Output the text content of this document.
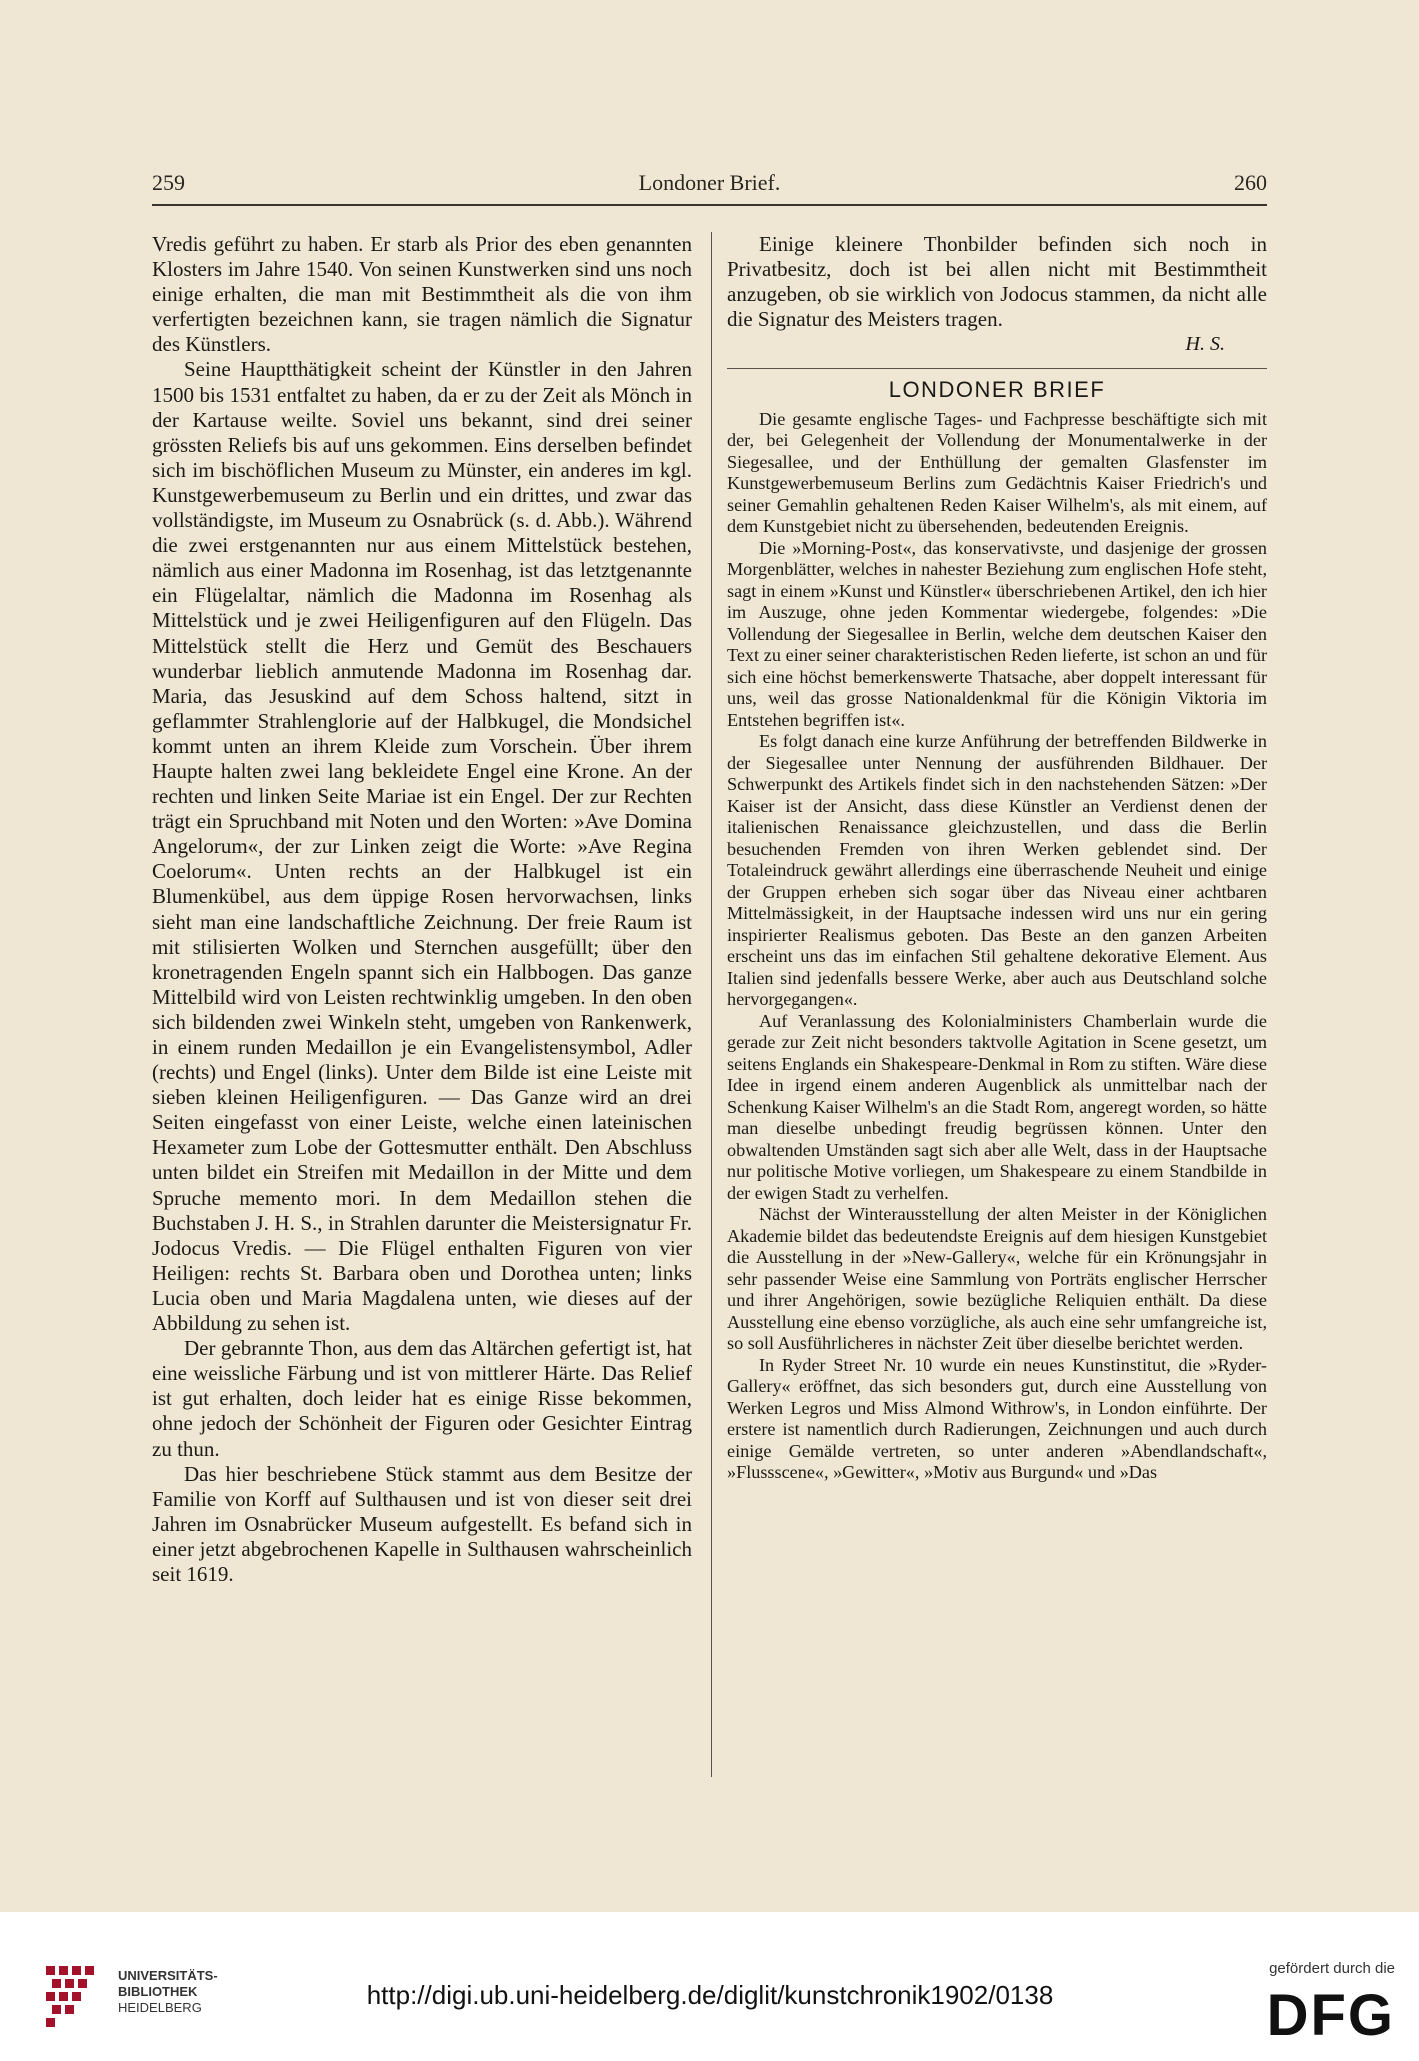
259	Londoner Brief.	260

Vredis geführt zu haben. Er starb als Prior des eben genannten Klosters im Jahre 1540. Von seinen Kunstwerken sind uns noch einige erhalten, die man mit Bestimmtheit als die von ihm verfertigten bezeichnen kann, sie tragen nämlich die Signatur des Künstlers.

Seine Hauptthätigkeit scheint der Künstler in den Jahren 1500 bis 1531 entfaltet zu haben, da er zu der Zeit als Mönch in der Kartause weilte. Soviel uns bekannt, sind drei seiner grössten Reliefs bis auf uns gekommen. Eins derselben befindet sich im bischöflichen Museum zu Münster, ein anderes im kgl. Kunstgewerbemuseum zu Berlin und ein drittes, und zwar das vollständigste, im Museum zu Osnabrück (s. d. Abb.). Während die zwei erstgenannten nur aus einem Mittelstück bestehen, nämlich aus einer Madonna im Rosenhag, ist das letztgenannte ein Flügelaltar, nämlich die Madonna im Rosenhag als Mittelstück und je zwei Heiligenfiguren auf den Flügeln. Das Mittelstück stellt die Herz und Gemüt des Beschauers wunderbar lieblich anmutende Madonna im Rosenhag dar. Maria, das Jesuskind auf dem Schoss haltend, sitzt in geflammter Strahlenglorie auf der Halbkugel, die Mondsichel kommt unten an ihrem Kleide zum Vorschein. Über ihrem Haupte halten zwei lang bekleidete Engel eine Krone. An der rechten und linken Seite Mariae ist ein Engel. Der zur Rechten trägt ein Spruchband mit Noten und den Worten: »Ave Domina Angelorum«, der zur Linken zeigt die Worte: »Ave Regina Coelorum«. Unten rechts an der Halbkugel ist ein Blumenkübel, aus dem üppige Rosen hervorwachsen, links sieht man eine landschaftliche Zeichnung. Der freie Raum ist mit stilisierten Wolken und Sternchen ausgefüllt; über den kronetragenden Engeln spannt sich ein Halbbogen. Das ganze Mittelbild wird von Leisten rechtwinklig umgeben. In den oben sich bildenden zwei Winkeln steht, umgeben von Rankenwerk, in einem runden Medaillon je ein Evangelistensymbol, Adler (rechts) und Engel (links). Unter dem Bilde ist eine Leiste mit sieben kleinen Heiligenfiguren. — Das Ganze wird an drei Seiten eingefasst von einer Leiste, welche einen lateinischen Hexameter zum Lobe der Gottesmutter enthält. Den Abschluss unten bildet ein Streifen mit Medaillon in der Mitte und dem Spruche memento mori. In dem Medaillon stehen die Buchstaben J. H. S., in Strahlen darunter die Meistersignatur Fr. Jodocus Vredis. — Die Flügel enthalten Figuren von vier Heiligen: rechts St. Barbara oben und Dorothea unten; links Lucia oben und Maria Magdalena unten, wie dieses auf der Abbildung zu sehen ist.

Der gebrannte Thon, aus dem das Altärchen gefertigt ist, hat eine weissliche Färbung und ist von mittlerer Härte. Das Relief ist gut erhalten, doch leider hat es einige Risse bekommen, ohne jedoch der Schönheit der Figuren oder Gesichter Eintrag zu thun.

Das hier beschriebene Stück stammt aus dem Besitze der Familie von Korff auf Sulthausen und ist von dieser seit drei Jahren im Osnabrücker Museum aufgestellt. Es befand sich in einer jetzt abgebrochenen Kapelle in Sulthausen wahrscheinlich seit 1619.

Einige kleinere Thonbilder befinden sich noch in Privatbesitz, doch ist bei allen nicht mit Bestimmtheit anzugeben, ob sie wirklich von Jodocus stammen, da nicht alle die Signatur des Meisters tragen.

H. S.
LONDONER BRIEF

Die gesamte englische Tages- und Fachpresse beschäftigte sich mit der, bei Gelegenheit der Vollendung der Monumentalwerke in der Siegesallee, und der Enthüllung der gemalten Glasfenster im Kunstgewerbemuseum Berlins zum Gedächtnis Kaiser Friedrich's und seiner Gemahlin gehaltenen Reden Kaiser Wilhelm's, als mit einem, auf dem Kunstgebiet nicht zu übersehenden, bedeutenden Ereignis.

Die »Morning-Post«, das konservativste, und dasjenige der grossen Morgenblätter, welches in nahester Beziehung zum englischen Hofe steht, sagt in einem »Kunst und Künstler« überschriebenen Artikel, den ich hier im Auszuge, ohne jeden Kommentar wiedergebe, folgendes: »Die Vollendung der Siegesallee in Berlin, welche dem deutschen Kaiser den Text zu einer seiner charakteristischen Reden lieferte, ist schon an und für sich eine höchst bemerkenswerte Thatsache, aber doppelt interessant für uns, weil das grosse Nationaldenkmal für die Königin Viktoria im Entstehen begriffen ist«.

Es folgt danach eine kurze Anführung der betreffenden Bildwerke in der Siegesallee unter Nennung der ausführenden Bildhauer. Der Schwerpunkt des Artikels findet sich in den nachstehenden Sätzen: »Der Kaiser ist der Ansicht, dass diese Künstler an Verdienst denen der italienischen Renaissance gleichzustellen, und dass die Berlin besuchenden Fremden von ihren Werken geblendet sind. Der Totaleindruck gewährt allerdings eine überraschende Neuheit und einige der Gruppen erheben sich sogar über das Niveau einer achtbaren Mittelmässigkeit, in der Hauptsache indessen wird uns nur ein gering inspirierter Realismus geboten. Das Beste an den ganzen Arbeiten erscheint uns das im einfachen Stil gehaltene dekorative Element. Aus Italien sind jedenfalls bessere Werke, aber auch aus Deutschland solche hervorgegangen«.

Auf Veranlassung des Kolonialministers Chamberlain wurde die gerade zur Zeit nicht besonders taktvolle Agitation in Scene gesetzt, um seitens Englands ein Shakespeare-Denkmal in Rom zu stiften. Wäre diese Idee in irgend einem anderen Augenblick als unmittelbar nach der Schenkung Kaiser Wilhelm's an die Stadt Rom, angeregt worden, so hätte man dieselbe unbedingt freudig begrüssen können. Unter den obwaltenden Umständen sagt sich aber alle Welt, dass in der Hauptsache nur politische Motive vorliegen, um Shakespeare zu einem Standbilde in der ewigen Stadt zu verhelfen.

Nächst der Winterausstellung der alten Meister in der Königlichen Akademie bildet das bedeutendste Ereignis auf dem hiesigen Kunstgebiet die Ausstellung in der »New-Gallery«, welche für ein Krönungsjahr in sehr passender Weise eine Sammlung von Porträts englischer Herrscher und ihrer Angehörigen, sowie bezügliche Reliquien enthält. Da diese Ausstellung eine ebenso vorzügliche, als auch eine sehr umfangreiche ist, so soll Ausführlicheres in nächster Zeit über dieselbe berichtet werden.

In Ryder Street Nr. 10 wurde ein neues Kunstinstitut, die »Ryder-Gallery« eröffnet, das sich besonders gut, durch eine Ausstellung von Werken Legros und Miss Almond Withrow's, in London einführte. Der erstere ist namentlich durch Radierungen, Zeichnungen und auch durch einige Gemälde vertreten, so unter anderen »Abendlandschaft«, »Flussscene«, »Gewitter«, »Motiv aus Burgund« und »Das

UNIVERSITÄTS-
BIBLIOTHEK
HEIDELBERG	http://digi.ub.uni-heidelberg.de/diglit/kunstchronik1902/0138
gefördert durch die
DFG
